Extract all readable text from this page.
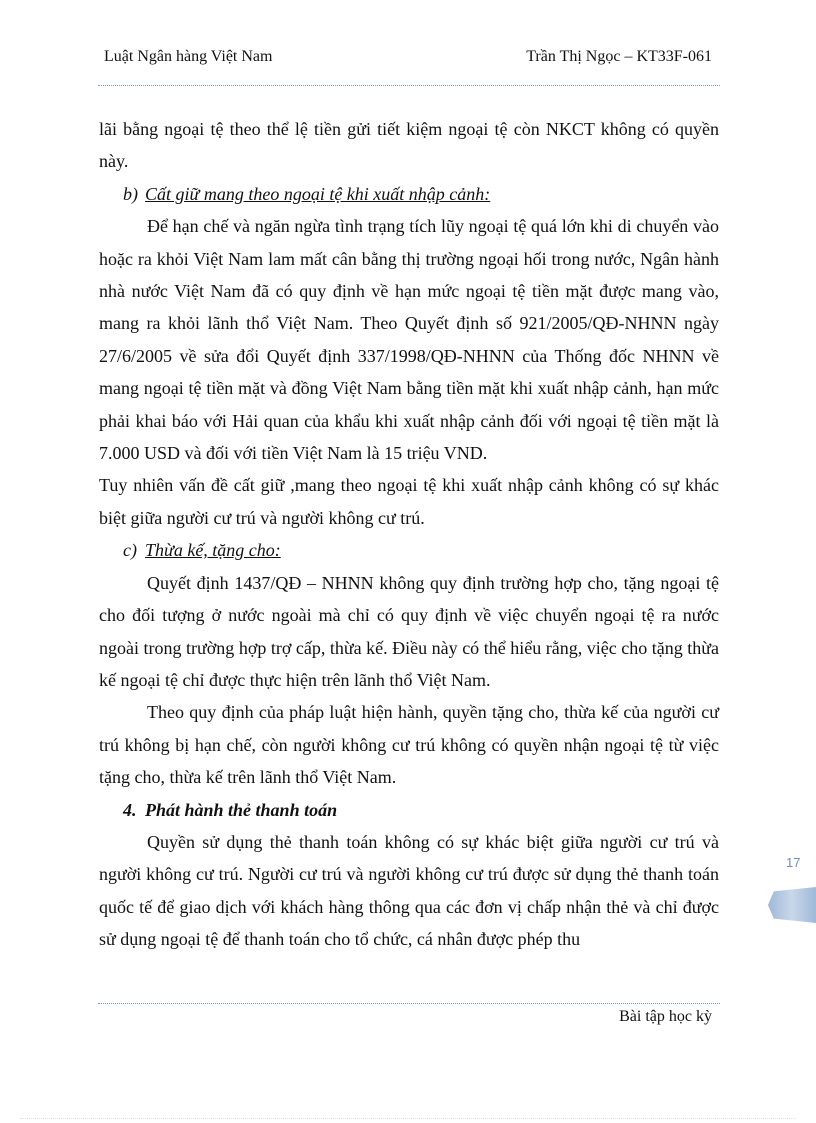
Luật Ngân hàng Việt Nam	Trần Thị Ngọc – KT33F-061

lãi bằng ngoại tệ theo thể lệ tiền gửi tiết kiệm ngoại tệ còn NKCT không có quyền này.

b) Cất giữ mang theo ngoại tệ khi xuất nhập cảnh:

Để hạn chế và ngăn ngừa tình trạng tích lũy ngoại tệ quá lớn khi di chuyển vào hoặc ra khỏi Việt Nam lam mất cân bằng thị trường ngoại hối trong nước, Ngân hành nhà nước Việt Nam đã có quy định về hạn mức ngoại tệ tiền mặt được mang vào, mang ra khỏi lãnh thổ Việt Nam. Theo Quyết định số 921/2005/QĐ-NHNN ngày 27/6/2005 về sửa đổi Quyết định 337/1998/QĐ-NHNN của Thống đốc NHNN về mang ngoại tệ tiền mặt và đồng Việt Nam bằng tiền mặt khi xuất nhập cảnh, hạn mức phải khai báo với Hải quan của khẩu khi xuất nhập cảnh đối với ngoại tệ tiền mặt là 7.000 USD và đối với tiền Việt Nam là 15 triệu VND.

Tuy nhiên vấn đề cất giữ ,mang theo ngoại tệ khi xuất nhập cảnh không có sự khác biệt giữa người cư trú và người không cư trú.

c) Thừa kế, tặng cho:

Quyết định 1437/QĐ – NHNN không quy định trường hợp cho, tặng ngoại tệ cho đối tượng ở nước ngoài mà chỉ có quy định về việc chuyển ngoại tệ ra nước ngoài trong trường hợp trợ cấp, thừa kế. Điều này có thể hiểu rằng, việc cho tặng thừa kế ngoại tệ chỉ được thực hiện trên lãnh thổ Việt Nam.

Theo quy định của pháp luật hiện hành, quyền tặng cho, thừa kế của người cư trú không bị hạn chế, còn người không cư trú không có quyền nhận ngoại tệ từ việc tặng cho, thừa kế trên lãnh thổ Việt Nam.

4. Phát hành thẻ thanh toán

Quyền sử dụng thẻ thanh toán không có sự khác biệt giữa người cư trú và người không cư trú. Người cư trú và người không cư trú được sử dụng thẻ thanh toán quốc tế để giao dịch với khách hàng thông qua các đơn vị chấp nhận thẻ và chỉ được sử dụng ngoại tệ để thanh toán cho tổ chức, cá nhân được phép thu

17
Bài tập học kỳ
